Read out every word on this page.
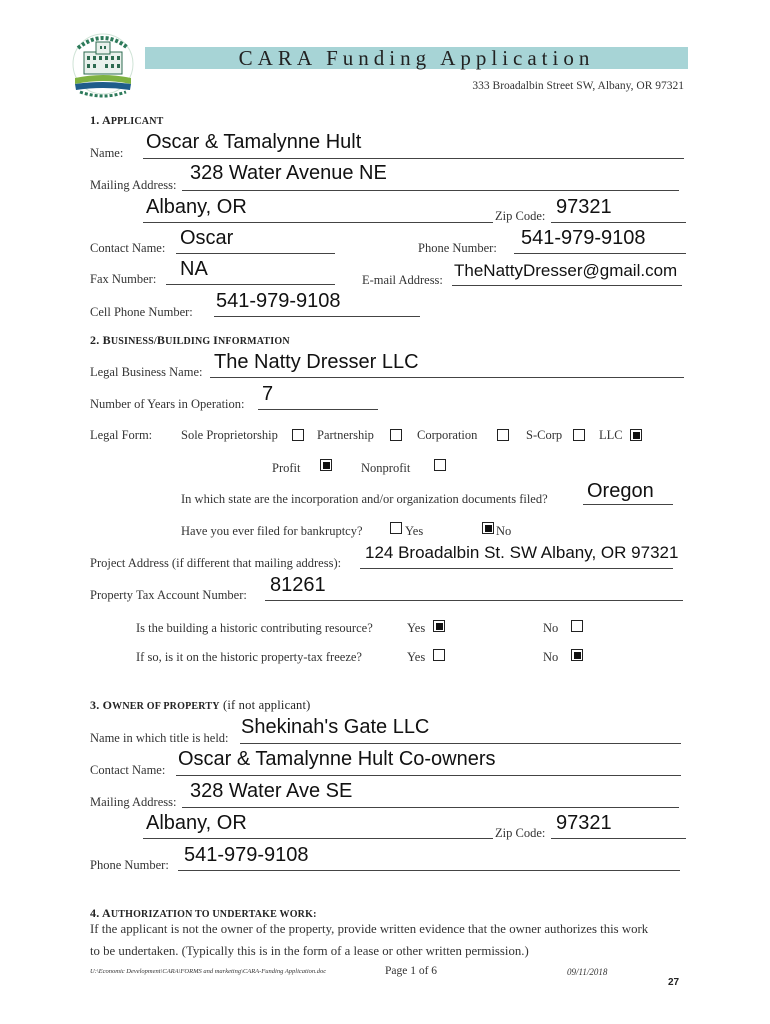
CARA Funding Application
333 Broadalbin Street SW, Albany, OR 97321
1. APPLICANT
Name: Oscar & Tamalynne Hult
Mailing Address:
328 Water Avenue NE
Albany, OR	Zip Code: 97321
Contact Name: Oscar	Phone Number: 541-979-9108
Fax Number: NA	E-mail Address: TheNattyDresser@gmail.com
Cell Phone Number: 541-979-9108
2. BUSINESS/BUILDING INFORMATION
Legal Business Name: The Natty Dresser LLC
Number of Years in Operation: 7
Legal Form: Sole Proprietorship	Partnership	Corporation	S-Corp	LLC
Profit	Nonprofit
In which state are the incorporation and/or organization documents filed? Oregon
Have you ever filed for bankruptcy?	Yes	No
Project Address (if different that mailing address):
124 Broadalbin St. SW Albany, OR 97321
Property Tax Account Number: 81261
Is the building a historic contributing resource?	Yes	No
If so, is it on the historic property-tax freeze?	Yes	No
3. OWNER OF PROPERTY (if not applicant)
Name in which title is held: Shekinah's Gate LLC
Contact Name: Oscar & Tamalynne Hult Co-owners
Mailing Address: 328 Water Ave SE
Albany, OR	Zip Code: 97321
Phone Number: 541-979-9108
4. AUTHORIZATION TO UNDERTAKE WORK:
If the applicant is not the owner of the property, provide written evidence that the owner authorizes this work
to be undertaken. (Typically this is in the form of a lease or other written permission.)
U:\Economic Development\CARA\FORMS and marketing\CARA-Funding Application.doc	Page 1 of 6	09/11/2018
27
